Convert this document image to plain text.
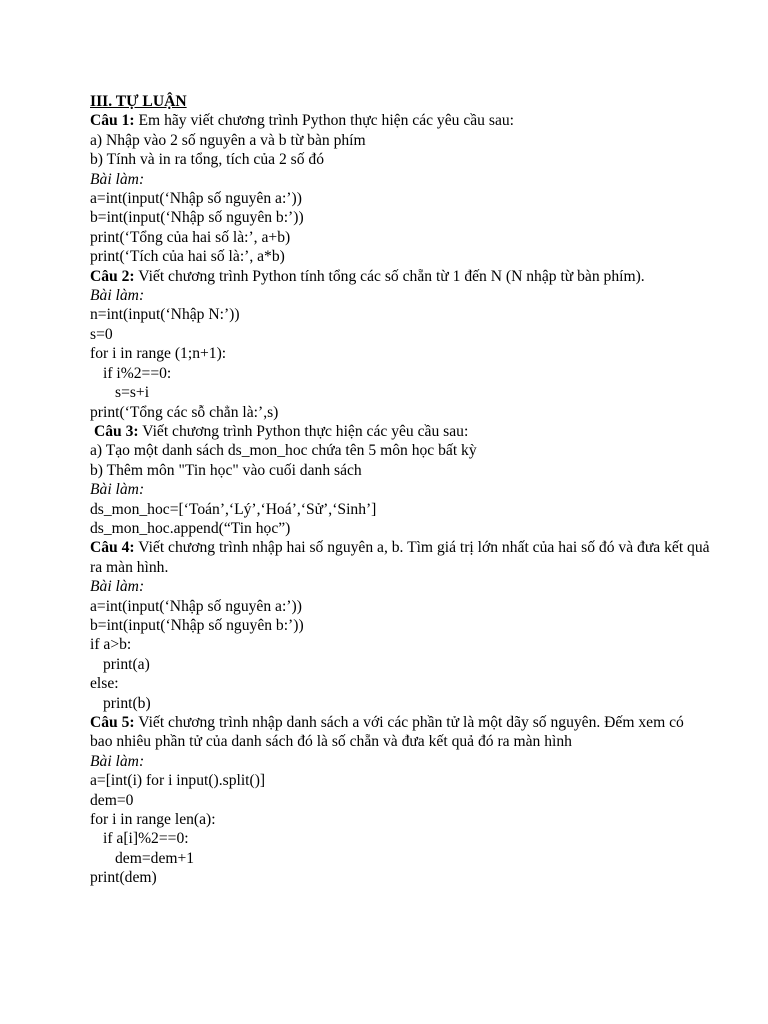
III. TỰ LUẬN
Câu 1: Em hãy viết chương trình Python thực hiện các yêu cầu sau:
a) Nhập vào 2 số nguyên a và b từ bàn phím
b) Tính và in ra tổng, tích của 2 số đó
Bài làm:
a=int(input(‘Nhập số nguyên a:’))
b=int(input(‘Nhập số nguyên b:’))
print(‘Tổng của hai số là:’, a+b)
print(‘Tích của hai số là:’, a*b)
Câu 2: Viết chương trình Python tính tổng các số chẵn từ 1 đến N (N nhập từ bàn phím).
Bài làm:
n=int(input(‘Nhập N:’))
s=0
for i in range (1;n+1):
if i%2==0:
s=s+i
print(‘Tổng các sỗ chẳn là:’,s)
Câu 3: Viết chương trình Python thực hiện các yêu cầu sau:
a) Tạo một danh sách ds_mon_hoc chứa tên 5 môn học bất kỳ
b) Thêm môn "Tin học" vào cuối danh sách
Bài làm:
ds_mon_hoc=[‘Toán’,‘Lý’,‘Hoá’,‘Sử’,‘Sinh’]
ds_mon_hoc.append(“Tin học”)
Câu 4: Viết chương trình nhập hai số nguyên a, b. Tìm giá trị lớn nhất của hai số đó và đưa kết quả ra màn hình.
Bài làm:
a=int(input(‘Nhập số nguyên a:’))
b=int(input(‘Nhập số nguyên b:’))
if a>b:
print(a)
else:
print(b)
Câu 5: Viết chương trình nhập danh sách a với các phần tử là một dãy số nguyên. Đếm xem có bao nhiêu phần tử của danh sách đó là số chẵn và đưa kết quả đó ra màn hình
Bài làm:
a=[int(i) for i input().split()]
dem=0
for i in range len(a):
if a[i]%2==0:
dem=dem+1
print(dem)
